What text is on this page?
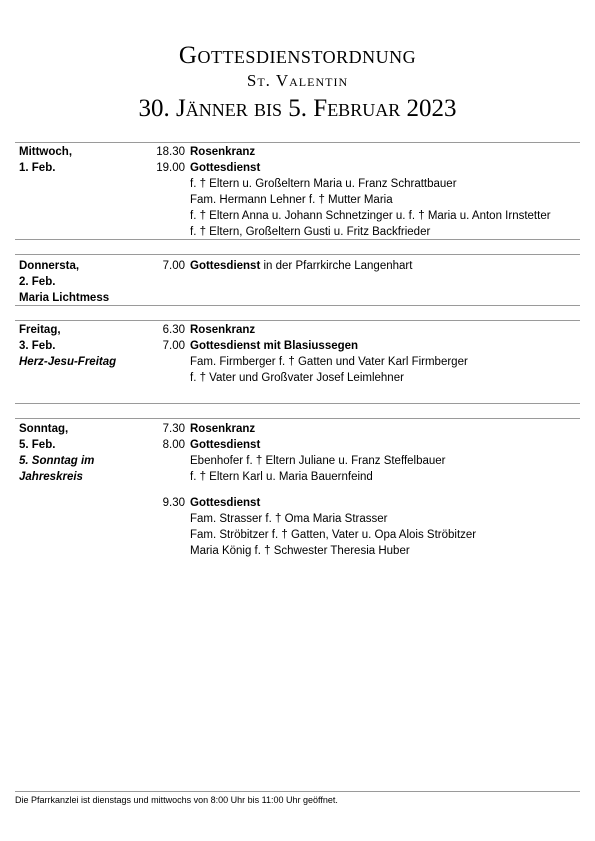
Gottesdienstordnung
St. Valentin
30. Jänner bis 5. Februar 2023
Mittwoch,
1. Feb.
18.30 Rosenkranz
19.00 Gottesdienst
f. † Eltern u. Großeltern Maria u. Franz Schrattbauer
Fam. Hermann Lehner f. † Mutter Maria
f. † Eltern Anna u. Johann Schnetzinger u. f. † Maria u. Anton Irnstetter
f. † Eltern, Großeltern Gusti u. Fritz Backfrieder
Donnersta,
2. Feb.
Maria Lichtmess
7.00 Gottesdienst in der Pfarrkirche Langenhart
Freitag,
3. Feb.
Herz-Jesu-Freitag
6.30 Rosenkranz
7.00 Gottesdienst mit Blasiussegen
Fam. Firmberger f. † Gatten und Vater Karl Firmberger
f. † Vater und Großvater Josef Leimlehner
Sonntag,
5. Feb.
5. Sonntag im
Jahreskreis
7.30 Rosenkranz
8.00 Gottesdienst
Ebenhofer f. † Eltern Juliane u. Franz Steffelbauer
f. † Eltern Karl u. Maria Bauernfeind
9.30 Gottesdienst
Fam. Strasser f. † Oma Maria Strasser
Fam. Ströbitzer f. † Gatten, Vater u. Opa Alois Ströbitzer
Maria König f. † Schwester Theresia Huber
Die Pfarrkanzlei ist dienstags und mittwochs von 8:00 Uhr bis 11:00 Uhr geöffnet.
